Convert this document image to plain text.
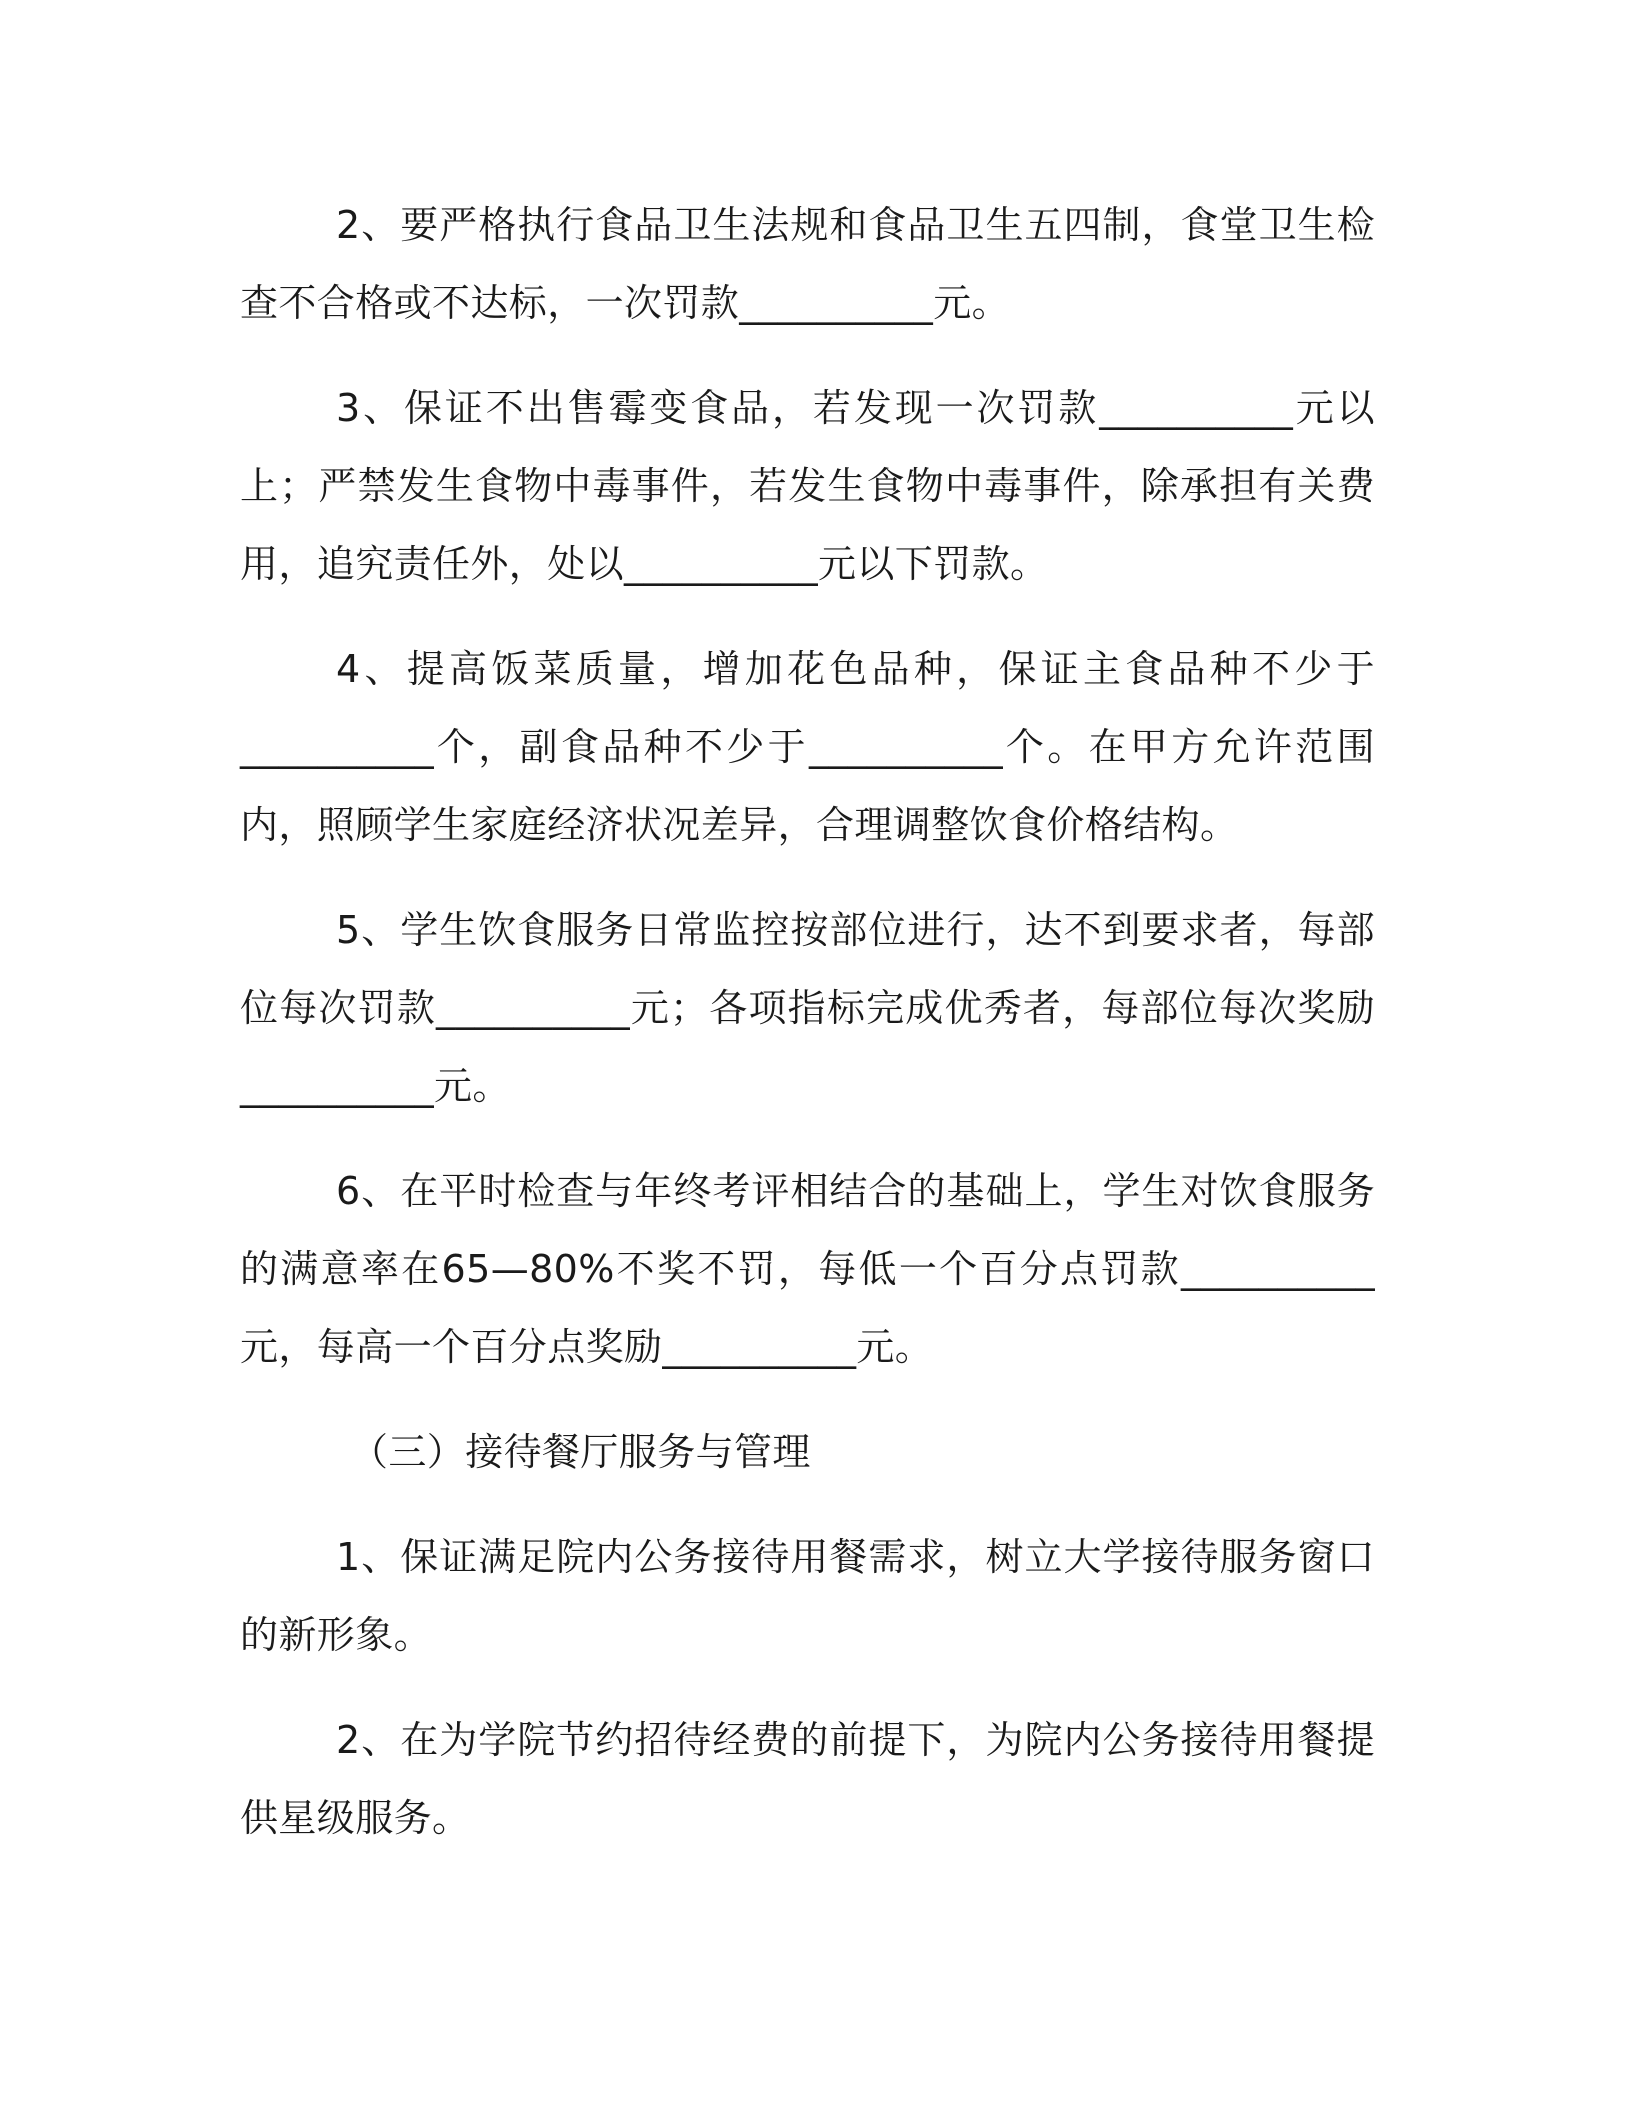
2、要严格执行食品卫生法规和食品卫生五四制，食堂卫生检查不合格或不达标，一次罚款__________元。

3、保证不出售霉变食品，若发现一次罚款__________元以上；严禁发生食物中毒事件，若发生食物中毒事件，除承担有关费用，追究责任外，处以__________元以下罚款。

4、提高饭菜质量，增加花色品种，保证主食品种不少于__________个，副食品种不少于__________个。在甲方允许范围内，照顾学生家庭经济状况差异，合理调整饮食价格结构。

5、学生饮食服务日常监控按部位进行，达不到要求者，每部位每次罚款__________元；各项指标完成优秀者，每部位每次奖励__________元。

6、在平时检查与年终考评相结合的基础上，学生对饮食服务的满意率在65—80%不奖不罚，每低一个百分点罚款__________元，每高一个百分点奖励__________元。

（三）接待餐厅服务与管理

1、保证满足院内公务接待用餐需求，树立大学接待服务窗口的新形象。

2、在为学院节约招待经费的前提下，为院内公务接待用餐提供星级服务。
